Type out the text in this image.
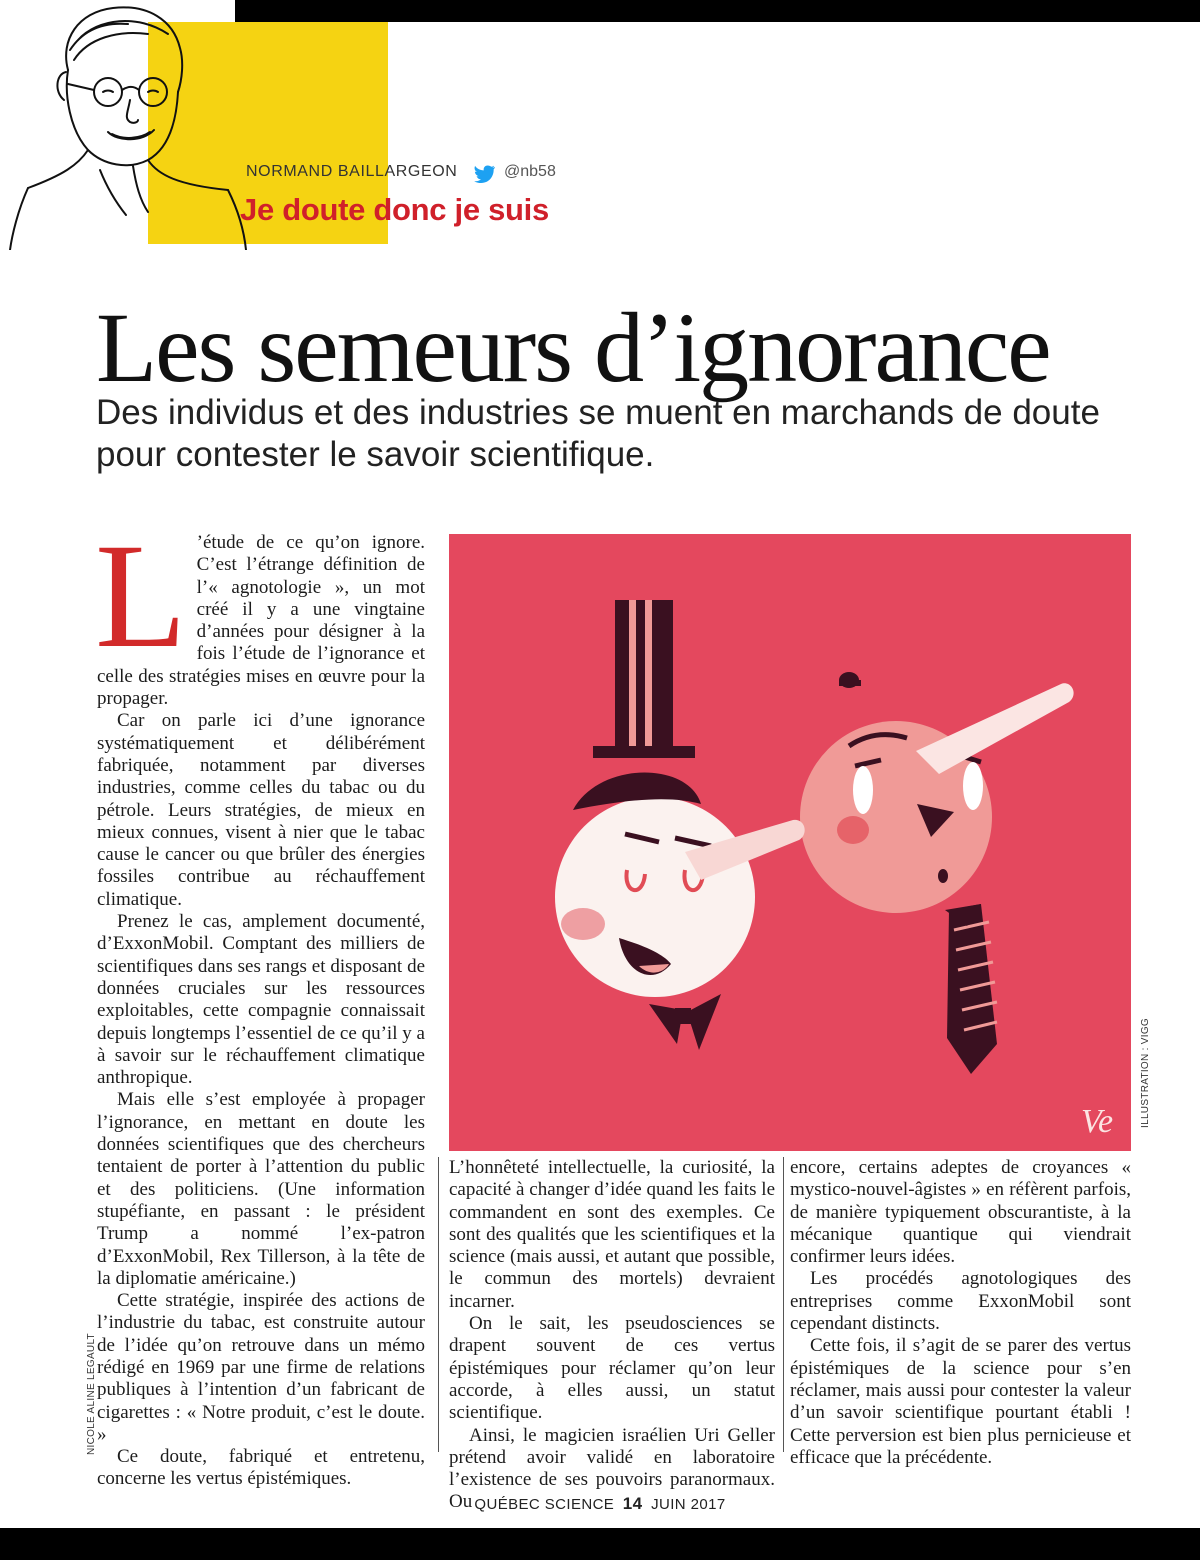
NORMAND BAILLARGEON	@nb58
Je doute donc je suis
Les semeurs d’ignorance

Des individus et des industries se muent en marchands de doute pour contester le savoir scientifique.

L ’étude de ce qu’on ignore. C’est l’étrange définition de l’« agnotologie », un mot créé il y a une vingtaine d’années pour désigner à la fois l’étude de l’ignorance et celle des stratégies mises en œuvre pour la propager.

Car on parle ici d’une ignorance systématiquement et délibérément fabriquée, notamment par diverses industries, comme celles du tabac ou du pétrole. Leurs stratégies, de mieux en mieux connues, visent à nier que le tabac cause le cancer ou que brûler des énergies fossiles contribue au réchauffement climatique.

Prenez le cas, amplement documenté, d’ExxonMobil. Comptant des milliers de scientifiques dans ses rangs et disposant de données cruciales sur les ressources exploitables, cette compagnie connaissait depuis longtemps l’essentiel de ce qu’il y a à savoir sur le réchauffement climatique anthropique.

Mais elle s’est employée à propager l’ignorance, en mettant en doute les données scientifiques que des chercheurs tentaient de porter à l’attention du public et des politiciens. (Une information stupéfiante, en passant : le président Trump a nommé l’ex-patron d’ExxonMobil, Rex Tillerson, à la tête de la diplomatie américaine.)

Cette stratégie, inspirée des actions de l’industrie du tabac, est construite autour de l’idée qu’on retrouve dans un mémo rédigé en 1969 par une firme de relations publiques à l’intention d’un fabricant de cigarettes : « Notre produit, c’est le doute. »

Ce doute, fabriqué et entretenu, concerne les vertus épistémiques.

Ve	ILLUSTRATION : VIGG
NICOLE ALINE LEGAULT

L’honnêteté intellectuelle, la curiosité, la capacité à changer d’idée quand les faits le commandent en sont des exemples. Ce sont des qualités que les scientifiques et la science (mais aussi, et autant que possible, le commun des mortels) devraient incarner.

On le sait, les pseudosciences se drapent souvent de ces vertus épistémiques pour réclamer qu’on leur accorde, à elles aussi, un statut scientifique.

Ainsi, le magicien israélien Uri Geller prétend avoir validé en laboratoire l’existence de ses pouvoirs paranormaux. Ou

encore, certains adeptes de croyances « mystico-nouvel-âgistes » en réfèrent parfois, de manière typiquement obscurantiste, à la mécanique quantique qui viendrait confirmer leurs idées.

Les procédés agnotologiques des entreprises comme ExxonMobil sont cependant distincts.

Cette fois, il s’agit de se parer des vertus épistémiques de la science pour s’en réclamer, mais aussi pour contester la valeur d’un savoir scientifique pourtant établi ! Cette perversion est bien plus pernicieuse et efficace que la précédente.

QUÉBEC SCIENCE 14 JUIN 2017
